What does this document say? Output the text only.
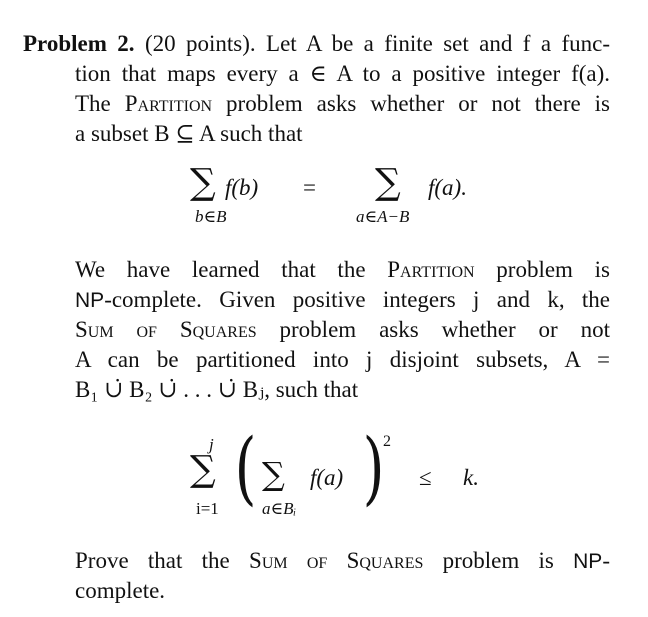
Problem 2. (20 points). Let A be a finite set and f a func-
tion that maps every a ∈ A to a positive integer f(a).
The Partition problem asks whether or not there is
a subset B ⊆ A such that
∑ f(b)
b∈B
= ∑ f(a).
a∈A−B
We have learned that the Partition problem is
NP-complete. Given positive integers j and k, the
Sum of Squares problem asks whether or not
A can be partitioned into j disjoint subsets, A =
B₁ ∪̇ B₂ ∪̇ . . . ∪̇ Bⱼ, such that
j
∑
i=1 ( ∑ f(a)
a∈Bᵢ )
2
≤ k.
Prove that the Sum of Squares problem is NP-
complete.
